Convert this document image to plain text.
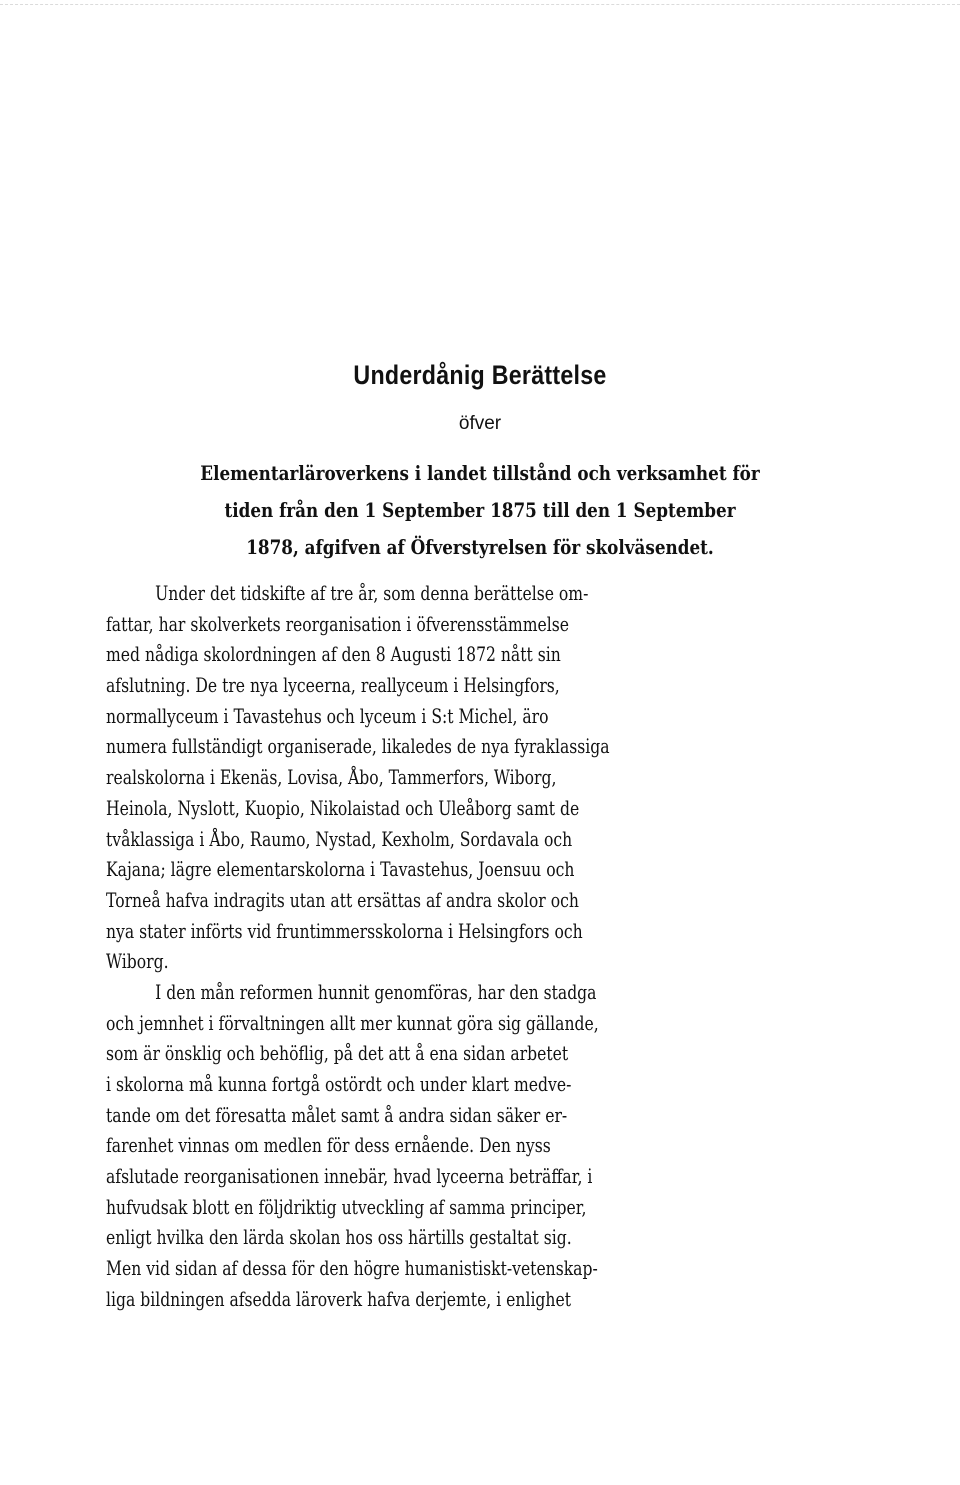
Underdånig Berättelse
öfver
Elementarläroverkens i landet tillstånd och verksamhet för
tiden från den 1 September 1875 till den 1 September
1878, afgifven af Öfverstyrelsen för skolväsendet.
Under det tidskifte af tre år, som denna berättelse om-
fattar, har skolverkets reorganisation i öfverensstämmelse
med nådiga skolordningen af den 8 Augusti 1872 nått sin
afslutning. De tre nya lyceerna, reallyceum i Helsingfors,
normallyceum i Tavastehus och lyceum i S:t Michel, äro
numera fullständigt organiserade, likaledes de nya fyraklassiga
realskolorna i Ekenäs, Lovisa, Åbo, Tammerfors, Wiborg,
Heinola, Nyslott, Kuopio, Nikolaistad och Uleåborg samt de
tvåklassiga i Åbo, Raumo, Nystad, Kexholm, Sordavala och
Kajana; lägre elementarskolorna i Tavastehus, Joensuu och
Torneå hafva indragits utan att ersättas af andra skolor och
nya stater införts vid fruntimmersskolorna i Helsingfors och
Wiborg.
I den mån reformen hunnit genomföras, har den stadga
och jemnhet i förvaltningen allt mer kunnat göra sig gällande,
som är önsklig och behöflig, på det att å ena sidan arbetet
i skolorna må kunna fortgå ostördt och under klart medve-
tande om det föresatta målet samt å andra sidan säker er-
farenhet vinnas om medlen för dess ernående. Den nyss
afslutade reorganisationen innebär, hvad lyceerna beträffar, i
hufvudsak blott en följdriktig utveckling af samma principer,
enligt hvilka den lärda skolan hos oss härtills gestaltat sig.
Men vid sidan af dessa för den högre humanistiskt-vetenskap-
liga bildningen afsedda läroverk hafva derjemte, i enlighet
